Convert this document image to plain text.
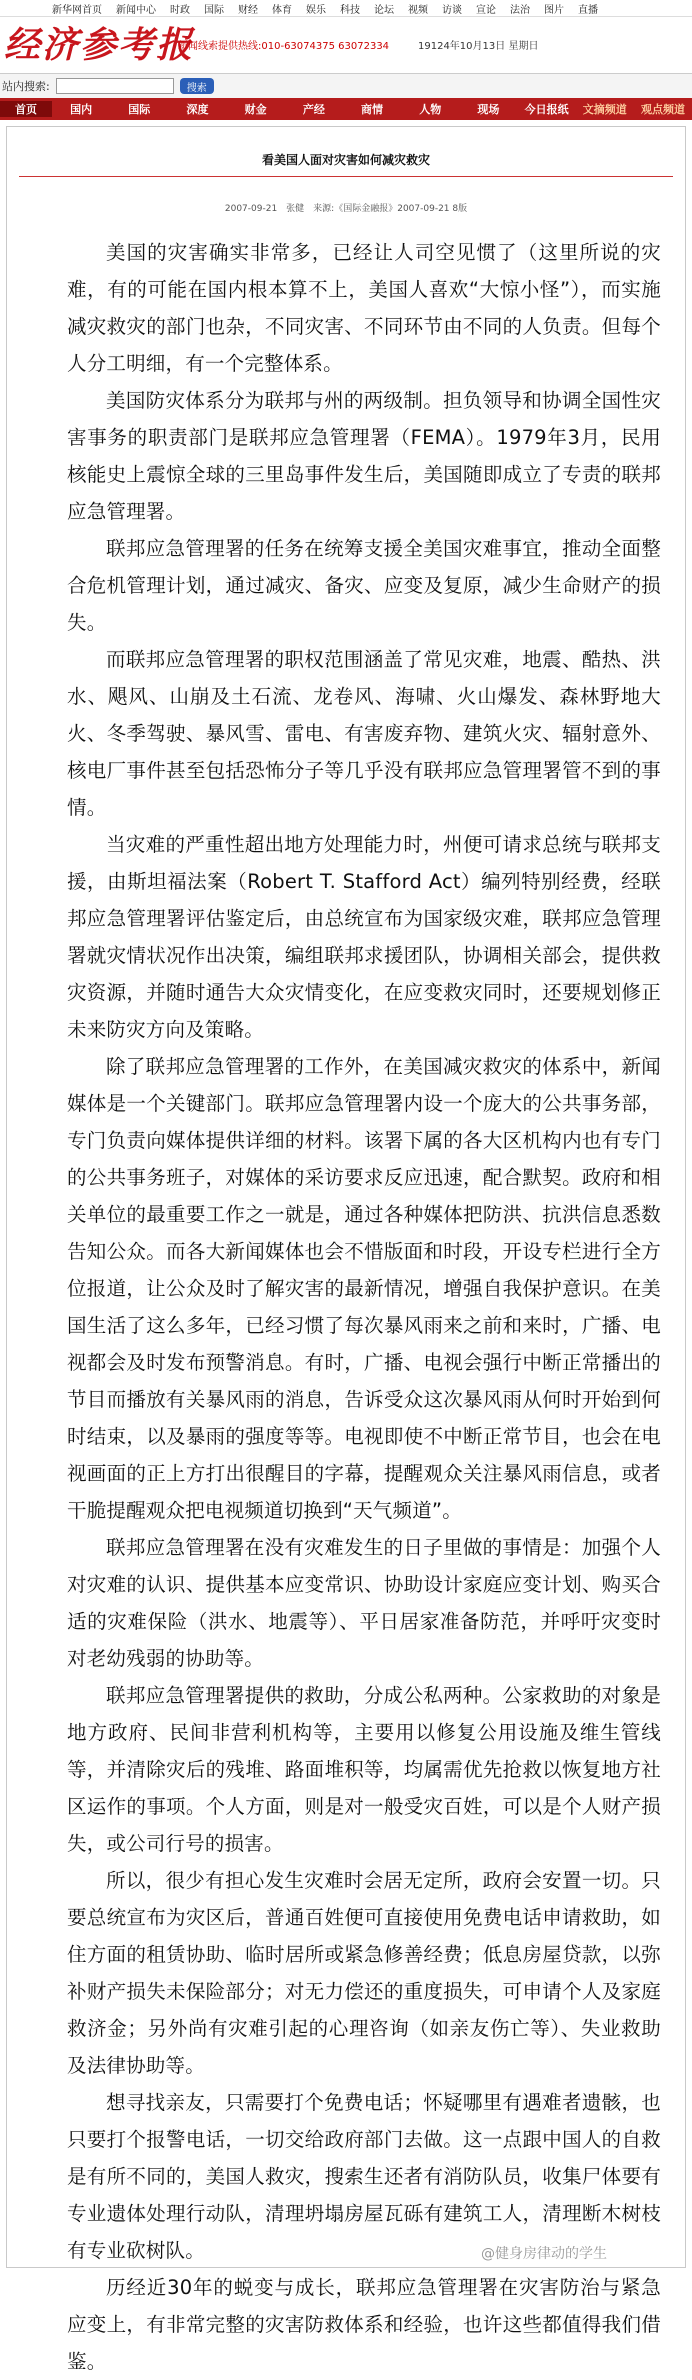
新华网首页 新闻中心 时政 国际 财经 体育 娱乐 科技 论坛 视频 访谈 宣论 法治 图片 直播
经济参考报
新闻线索提供热线:010-63074375 63072334	19124年10月13日 星期日
站内搜索:	搜索
首页	国内	国际	深度	财金	产经	商情	人物	现场	今日报纸	文摘频道	观点频道
看美国人面对灾害如何减灾救灾
2007-09-21　张健　来源:《国际金融报》2007-09-21 8版

美国的灾害确实非常多，已经让人司空见惯了（这里所说的灾难，有的可能在国内根本算不上，美国人喜欢“大惊小怪”），而实施减灾救灾的部门也杂，不同灾害、不同环节由不同的人负责。但每个人分工明细，有一个完整体系。

美国防灾体系分为联邦与州的两级制。担负领导和协调全国性灾害事务的职责部门是联邦应急管理署（FEMA）。1979年3月，民用核能史上震惊全球的三里岛事件发生后，美国随即成立了专责的联邦应急管理署。

联邦应急管理署的任务在统筹支援全美国灾难事宜，推动全面整合危机管理计划，通过减灾、备灾、应变及复原，减少生命财产的损失。

而联邦应急管理署的职权范围涵盖了常见灾难，地震、酷热、洪水、飓风、山崩及土石流、龙卷风、海啸、火山爆发、森林野地大火、冬季驾驶、暴风雪、雷电、有害废弃物、建筑火灾、辐射意外、核电厂事件甚至包括恐怖分子等几乎没有联邦应急管理署管不到的事情。

当灾难的严重性超出地方处理能力时，州便可请求总统与联邦支援，由斯坦福法案（Robert T. Stafford Act）编列特别经费，经联邦应急管理署评估鉴定后，由总统宣布为国家级灾难，联邦应急管理署就灾情状况作出决策，编组联邦求援团队，协调相关部会，提供救灾资源，并随时通告大众灾情变化，在应变救灾同时，还要规划修正未来防灾方向及策略。

除了联邦应急管理署的工作外，在美国减灾救灾的体系中，新闻媒体是一个关键部门。联邦应急管理署内设一个庞大的公共事务部，专门负责向媒体提供详细的材料。该署下属的各大区机构内也有专门的公共事务班子，对媒体的采访要求反应迅速，配合默契。政府和相关单位的最重要工作之一就是，通过各种媒体把防洪、抗洪信息悉数告知公众。而各大新闻媒体也会不惜版面和时段，开设专栏进行全方位报道，让公众及时了解灾害的最新情况，增强自我保护意识。在美国生活了这么多年，已经习惯了每次暴风雨来之前和来时，广播、电视都会及时发布预警消息。有时，广播、电视会强行中断正常播出的节目而播放有关暴风雨的消息，告诉受众这次暴风雨从何时开始到何时结束，以及暴雨的强度等等。电视即使不中断正常节目，也会在电视画面的正上方打出很醒目的字幕，提醒观众关注暴风雨信息，或者干脆提醒观众把电视频道切换到“天气频道”。

联邦应急管理署在没有灾难发生的日子里做的事情是：加强个人对灾难的认识、提供基本应变常识、协助设计家庭应变计划、购买合适的灾难保险（洪水、地震等）、平日居家准备防范，并呼吁灾变时对老幼残弱的协助等。

联邦应急管理署提供的救助，分成公私两种。公家救助的对象是地方政府、民间非营利机构等，主要用以修复公用设施及维生管线等，并清除灾后的残堆、路面堆积等，均属需优先抢救以恢复地方社区运作的事项。个人方面，则是对一般受灾百姓，可以是个人财产损失，或公司行号的损害。

所以，很少有担心发生灾难时会居无定所，政府会安置一切。只要总统宣布为灾区后，普通百姓便可直接使用免费电话申请救助，如住方面的租赁协助、临时居所或紧急修善经费；低息房屋贷款，以弥补财产损失未保险部分；对无力偿还的重度损失，可申请个人及家庭救济金；另外尚有灾难引起的心理咨询（如亲友伤亡等）、失业救助及法律协助等。

想寻找亲友，只需要打个免费电话；怀疑哪里有遇难者遗骸，也只要打个报警电话，一切交给政府部门去做。这一点跟中国人的自救是有所不同的，美国人救灾，搜索生还者有消防队员，收集尸体要有专业遗体处理行动队，清理坍塌房屋瓦砾有建筑工人，清理断木树枝有专业砍树队。

历经近30年的蜕变与成长，联邦应急管理署在灾害防治与紧急应变上，有非常完整的灾害防救体系和经验，也许这些都值得我们借鉴。

@健身房律动的学生
